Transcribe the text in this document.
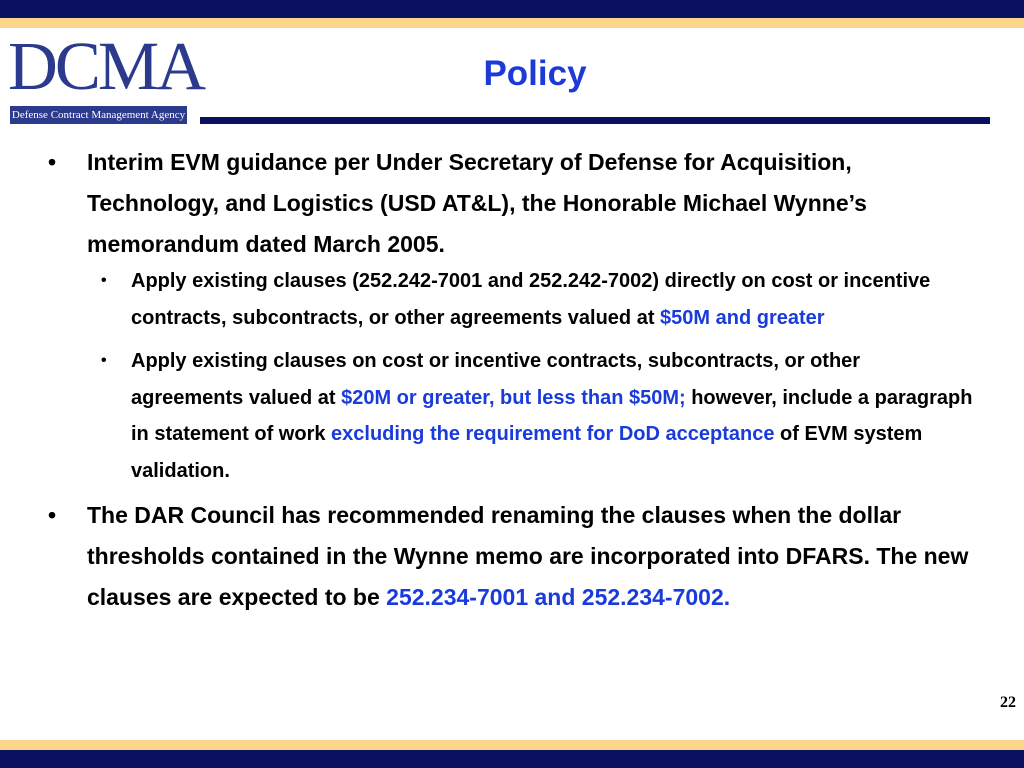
DCMA
Defense Contract Management Agency
Policy
• Interim EVM guidance per Under Secretary of Defense for Acquisition, Technology, and Logistics (USD AT&L), the Honorable Michael Wynne’s memorandum dated March 2005.
• Apply existing clauses (252.242-7001 and 252.242-7002) directly on cost or incentive contracts, subcontracts, or other agreements valued at $50M and greater
• Apply existing clauses on cost or incentive contracts, subcontracts, or other agreements valued at $20M or greater, but less than $50M; however, include a paragraph in statement of work excluding the requirement for DoD acceptance of EVM system validation.
• The DAR Council has recommended renaming the clauses when the dollar thresholds contained in the Wynne memo are incorporated into DFARS. The new clauses are expected to be 252.234-7001 and 252.234-7002.
22
